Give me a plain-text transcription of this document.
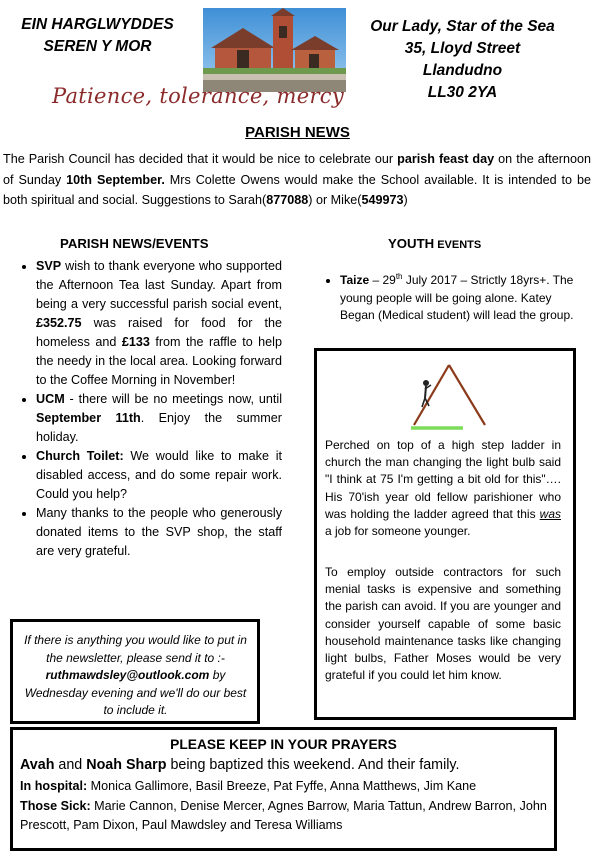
EIN HARGLWYDDES
SEREN Y MOR
Our Lady, Star of the Sea
35, Lloyd Street
Llandudno
LL30 2YA
Patience, tolerance, mercy
PARISH NEWS
The Parish Council has decided that it would be nice to celebrate our parish feast day on the afternoon of Sunday 10th September. Mrs Colette Owens would make the School available. It is intended to be both spiritual and social. Suggestions to Sarah(877088) or Mike(549973)
PARISH NEWS/EVENTS
• SVP wish to thank everyone who supported the Afternoon Tea last Sunday. Apart from being a very successful parish social event, £352.75 was raised for food for the homeless and £133 from the raffle to help the needy in the local area. Looking forward to the Coffee Morning in November!
• UCM - there will be no meetings now, until September 11th. Enjoy the summer holiday.
• Church Toilet: We would like to make it disabled access, and do some repair work. Could you help?
• Many thanks to the people who generously donated items to the SVP shop, the staff are very grateful.
YOUTH EVENTS
• Taize – 29th July 2017 – Strictly 18yrs+. The young people will be going alone. Katey Began (Medical student) will lead the group.
Perched on top of a high step ladder in church the man changing the light bulb said "I think at 75 I'm getting a bit old for this"…. His 70'ish year old fellow parishioner who was holding the ladder agreed that this was a job for someone younger.
To employ outside contractors for such menial tasks is expensive and something the parish can avoid. If you are younger and consider yourself capable of some basic household maintenance tasks like changing light bulbs, Father Moses would be very grateful if you could let him know.
If there is anything you would like to put in the newsletter, please send it to :- ruthmawdsley@outlook.com by Wednesday evening and we'll do our best to include it.
PLEASE KEEP IN YOUR PRAYERS
Avah and Noah Sharp being baptized this weekend. And their family.
In hospital: Monica Gallimore, Basil Breeze, Pat Fyffe, Anna Matthews, Jim Kane
Those Sick: Marie Cannon, Denise Mercer, Agnes Barrow, Maria Tattun, Andrew Barron, John Prescott, Pam Dixon, Paul Mawdsley and Teresa Williams
